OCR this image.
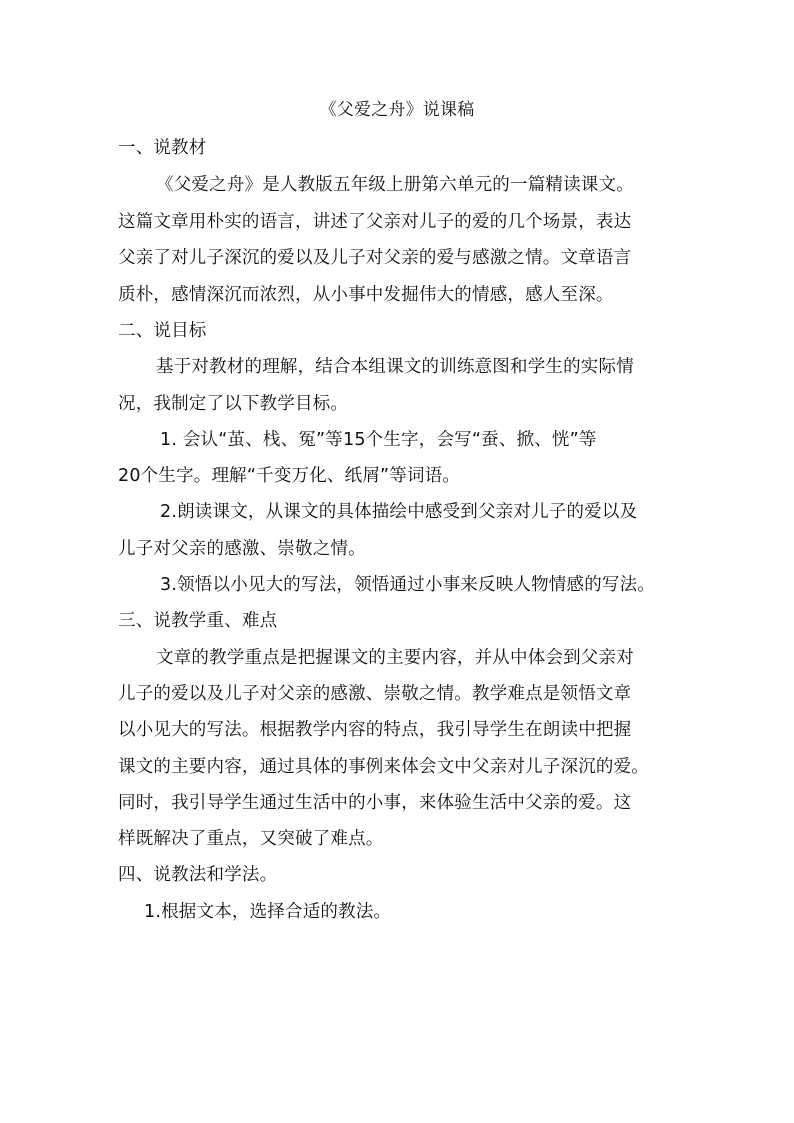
《父爱之舟》说课稿

一、说教材

《父爱之舟》是人教版五年级上册第六单元的一篇精读课文。

这篇文章用朴实的语言，讲述了父亲对儿子的爱的几个场景，表达

父亲了对儿子深沉的爱以及儿子对父亲的爱与感激之情。文章语言

质朴，感情深沉而浓烈，从小事中发掘伟大的情感，感人至深。

二、说目标

基于对教材的理解，结合本组课文的训练意图和学生的实际情

况，我制定了以下教学目标。

1. 会认“茧、栈、冤”等15个生字，会写“蚕、掀、恍”等

20个生字。理解“千变万化、纸屑”等词语。

2.朗读课文，从课文的具体描绘中感受到父亲对儿子的爱以及

儿子对父亲的感激、崇敬之情。

3.领悟以小见大的写法，领悟通过小事来反映人物情感的写法。

三、说教学重、难点

文章的教学重点是把握课文的主要内容，并从中体会到父亲对

儿子的爱以及儿子对父亲的感激、崇敬之情。教学难点是领悟文章

以小见大的写法。根据教学内容的特点，我引导学生在朗读中把握

课文的主要内容，通过具体的事例来体会文中父亲对儿子深沉的爱。

同时，我引导学生通过生活中的小事，来体验生活中父亲的爱。这

样既解决了重点，又突破了难点。

四、说教法和学法。

1.根据文本，选择合适的教法。
